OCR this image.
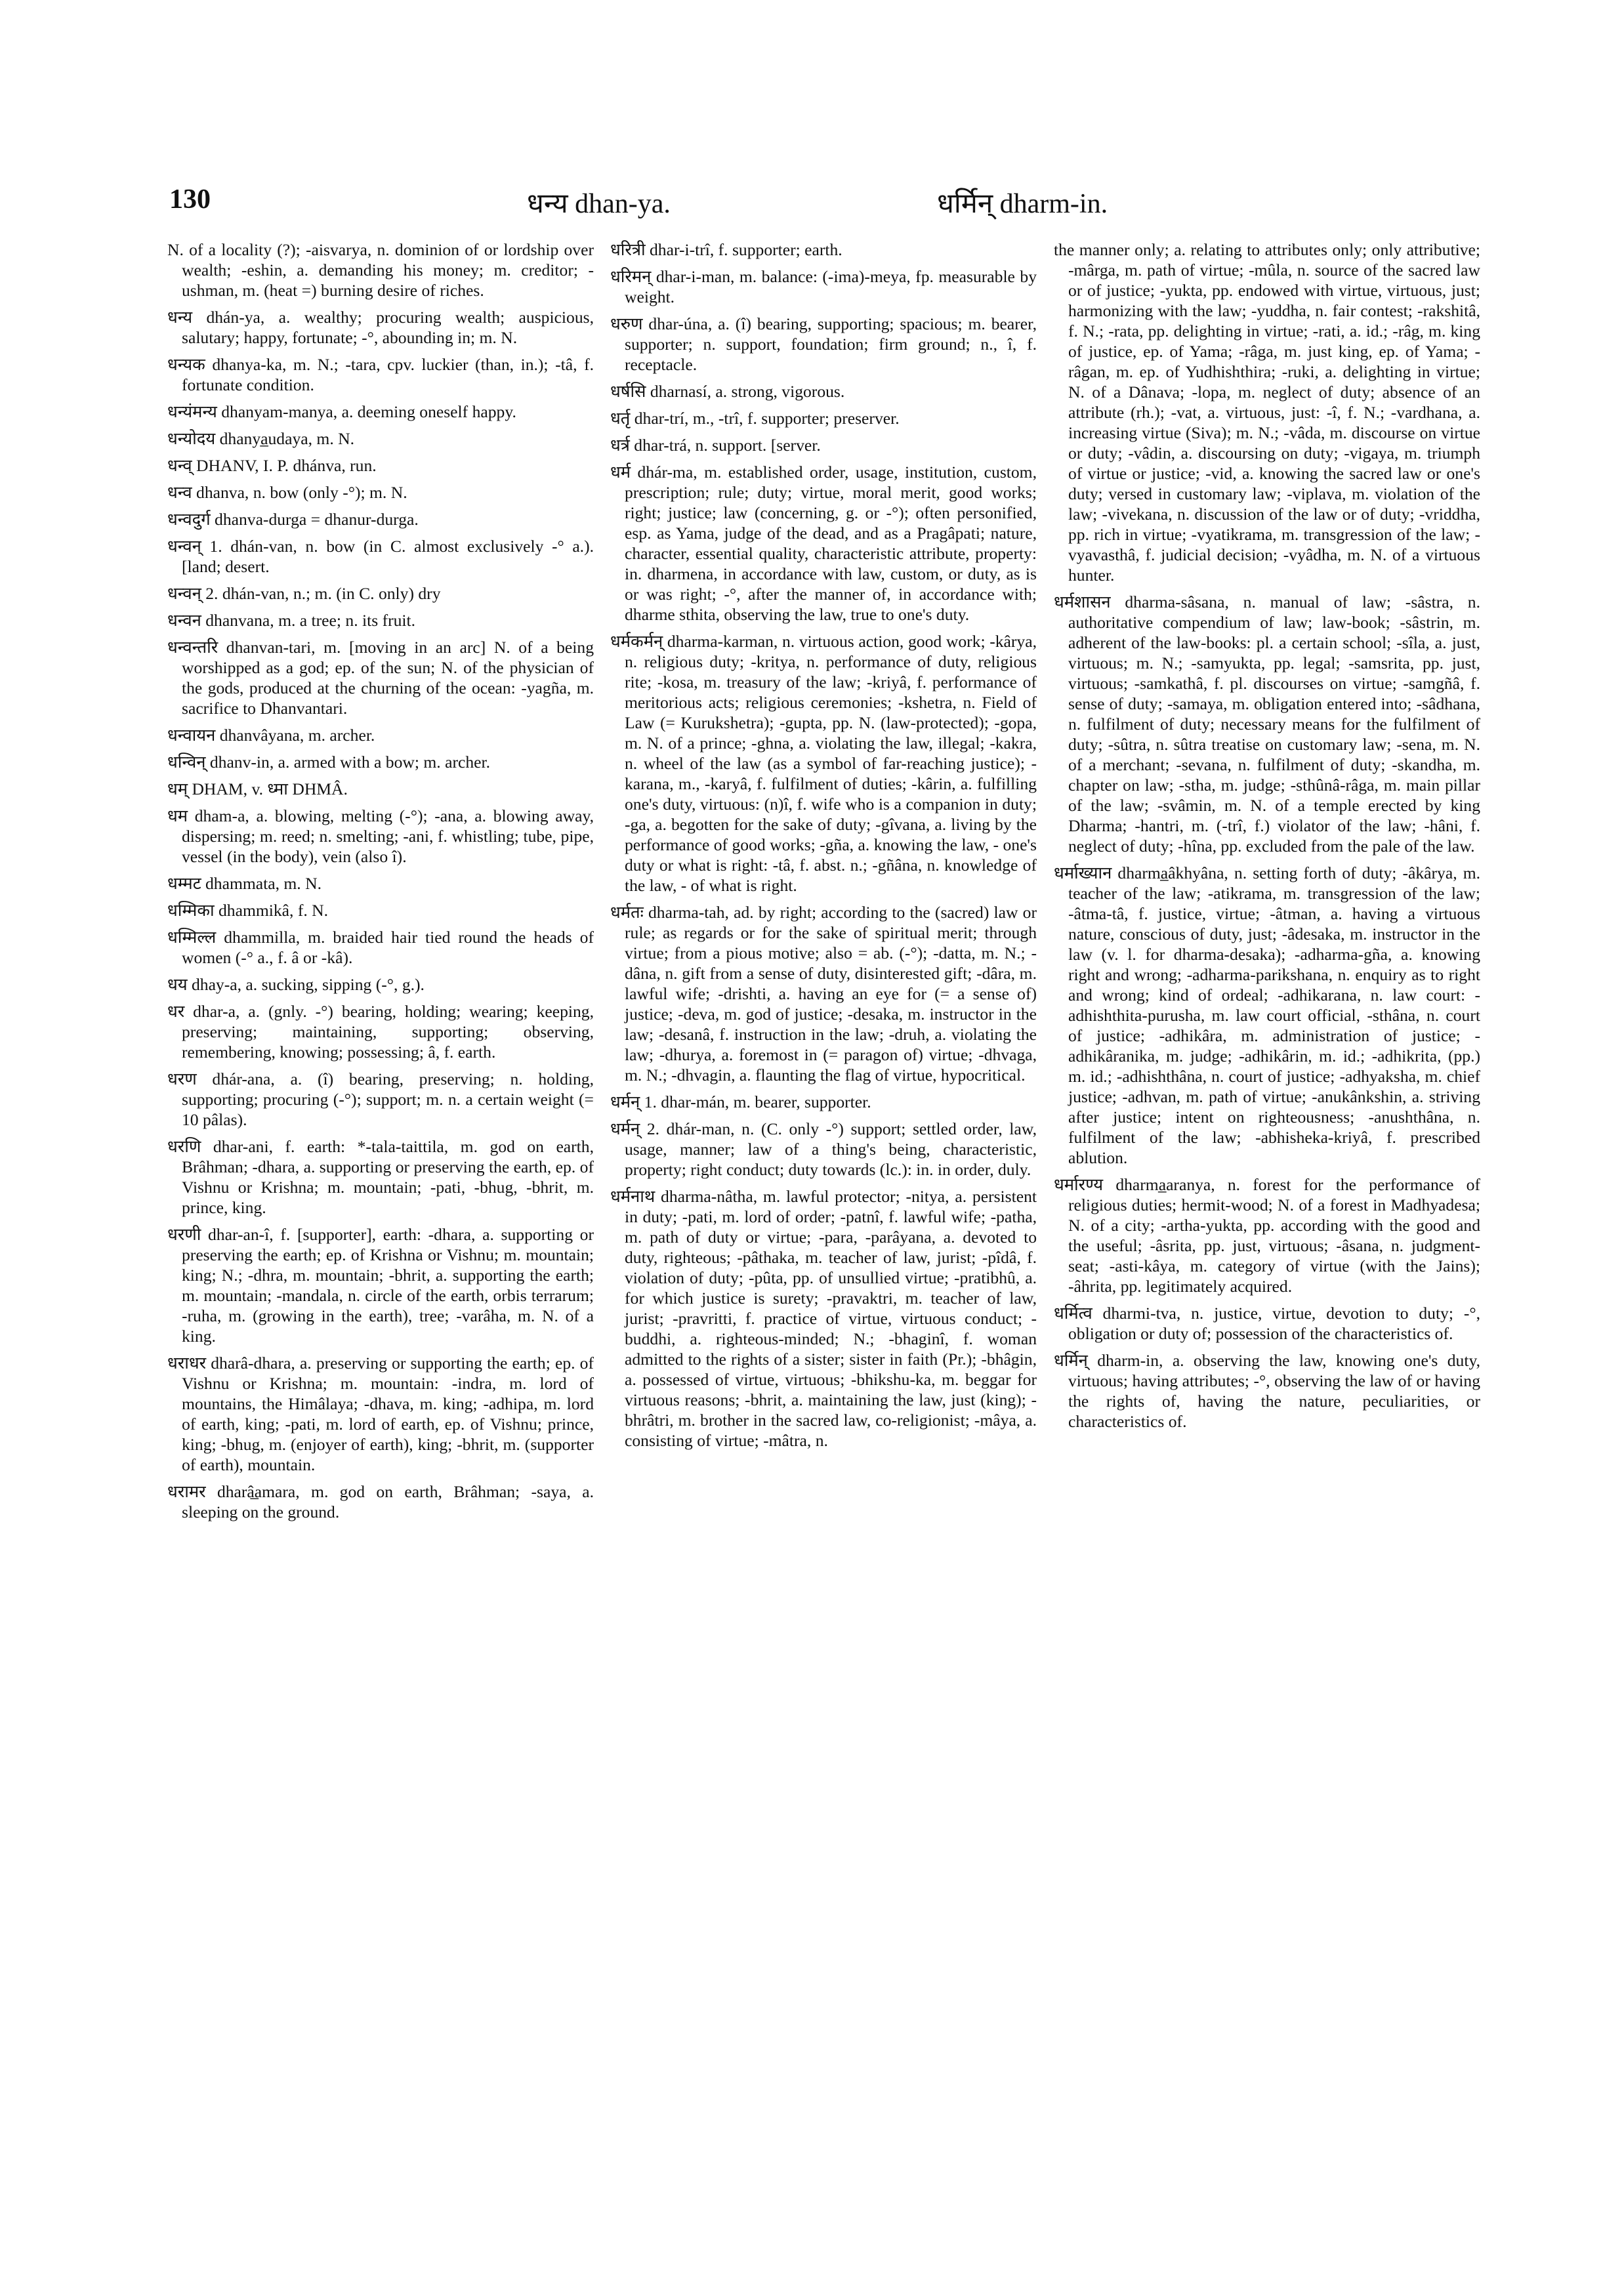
130	धन्य dhan-ya.	धर्मिन् dharm-in.

N. of a locality (?); -aisvarya, n. dominion of or lordship over wealth; -eshin, a. demanding his money; m. creditor; -ushman, m. (heat =) burning desire of riches.

धन्य dhán-ya, a. wealthy; procuring wealth; auspicious, salutary; happy, fortunate; -°, abounding in; m. N.

धन्यक dhanya-ka, m. N.; -tara, cpv. luckier (than, in.); -tâ, f. fortunate condition.

धन्यंमन्य dhanyam-manya, a. deeming oneself happy.

धन्योदय dhanya̲udaya, m. N.

धन्व् DHANV, I. P. dhánva, run.

धन्व dhanva, n. bow (only -°); m. N.

धन्वदुर्ग dhanva-durga = dhanur-durga.

धन्वन् 1. dhán-van, n. bow (in C. almost exclusively -° a.). [land; desert.

धन्वन् 2. dhán-van, n.; m. (in C. only) dry

धन्वन dhanvana, m. a tree; n. its fruit.

धन्वन्तरि dhanvan-tari, m. [moving in an arc] N. of a being worshipped as a god; ep. of the sun; N. of the physician of the gods, produced at the churning of the ocean: -yagña, m. sacrifice to Dhanvantari.

धन्वायन dhanvâyana, m. archer.

धन्विन् dhanv-in, a. armed with a bow; m. archer.

धम् DHAM, v. ध्मा DHMÂ.

धम dham-a, a. blowing, melting (-°); -ana, a. blowing away, dispersing; m. reed; n. smelting; -ani, f. whistling; tube, pipe, vessel (in the body), vein (also î).

धम्मट dhammata, m. N.

धम्मिका dhammikâ, f. N.

धम्मिल्ल dhammilla, m. braided hair tied round the heads of women (-° a., f. â or -kâ).

धय dhay-a, a. sucking, sipping (-°, g.).

धर dhar-a, a. (gnly. -°) bearing, holding; wearing; keeping, preserving; maintaining, supporting; observing, remembering, knowing; possessing; â, f. earth.

धरण dhár-ana, a. (î) bearing, preserving; n. holding, supporting; procuring (-°); support; m. n. a certain weight (= 10 pâlas).

धरणि dhar-ani, f. earth: *-tala-taittila, m. god on earth, Brâhman; -dhara, a. supporting or preserving the earth, ep. of Vishnu or Krishna; m. mountain; -pati, -bhug, -bhrit, m. prince, king.

धरणी dhar-an-î, f. [supporter], earth: -dhara, a. supporting or preserving the earth; ep. of Krishna or Vishnu; m. mountain; king; N.; -dhra, m. mountain; -bhrit, a. supporting the earth; m. mountain; -mandala, n. circle of the earth, orbis terrarum; -ruha, m. (growing in the earth), tree; -varâha, m. N. of a king.

धराधर dharâ-dhara, a. preserving or supporting the earth; ep. of Vishnu or Krishna; m. mountain: -indra, m. lord of mountains, the Himâlaya; -dhava, m. king; -adhipa, m. lord of earth, king; -pati, m. lord of earth, ep. of Vishnu; prince, king; -bhug, m. (enjoyer of earth), king; -bhrit, m. (supporter of earth), mountain.

धरामर dharâ̲amara, m. god on earth, Brâhman; -saya, a. sleeping on the ground.

धरित्री dhar-i-trî, f. supporter; earth.

धरिमन् dhar-i-man, m. balance: (-ima)-meya, fp. measurable by weight.

धरुण dhar-úna, a. (î) bearing, supporting; spacious; m. bearer, supporter; n. support, foundation; firm ground; n., î, f. receptacle.

धर्षसि dharnasí, a. strong, vigorous.

धर्तृ dhar-trí, m., -trî, f. supporter; preserver.

धर्त्र dhar-trá, n. support. [server.

धर्म dhár-ma, m. established order, usage, institution, custom, prescription; rule; duty; virtue, moral merit, good works; right; justice; law (concerning, g. or -°); often personified, esp. as Yama, judge of the dead, and as a Pragâpati; nature, character, essential quality, characteristic attribute, property: in. dharmena, in accordance with law, custom, or duty, as is or was right; -°, after the manner of, in accordance with; dharme sthita, observing the law, true to one's duty.

धर्मकर्मन् dharma-karman, n. virtuous action, good work; -kârya, n. religious duty; -kritya, n. performance of duty, religious rite; -kosa, m. treasury of the law; -kriyâ, f. performance of meritorious acts; religious ceremonies; -kshetra, n. Field of Law (= Kurukshetra); -gupta, pp. N. (law-protected); -gopa, m. N. of a prince; -ghna, a. violating the law, illegal; -kakra, n. wheel of the law (as a symbol of far-reaching justice); -karana, m., -karyâ, f. fulfilment of duties; -kârin, a. fulfilling one's duty, virtuous: (n)î, f. wife who is a companion in duty; -ga, a. begotten for the sake of duty; -gîvana, a. living by the performance of good works; -gña, a. knowing the law, - one's duty or what is right: -tâ, f. abst. n.; -gñâna, n. knowledge of the law, - of what is right.

धर्मतः dharma-tah, ad. by right; according to the (sacred) law or rule; as regards or for the sake of spiritual merit; through virtue; from a pious motive; also = ab. (-°); -datta, m. N.; -dâna, n. gift from a sense of duty, disinterested gift; -dâra, m. lawful wife; -drishti, a. having an eye for (= a sense of) justice; -deva, m. god of justice; -desaka, m. instructor in the law; -desanâ, f. instruction in the law; -druh, a. violating the law; -dhurya, a. foremost in (= paragon of) virtue; -dhvaga, m. N.; -dhvagin, a. flaunting the flag of virtue, hypocritical.

धर्मन् 1. dhar-mán, m. bearer, supporter.

धर्मन् 2. dhár-man, n. (C. only -°) support; settled order, law, usage, manner; law of a thing's being, characteristic, property; right conduct; duty towards (lc.): in. in order, duly.

धर्मनाथ dharma-nâtha, m. lawful protector; -nitya, a. persistent in duty; -pati, m. lord of order; -patnî, f. lawful wife; -patha, m. path of duty or virtue; -para, -parâyana, a. devoted to duty, righteous; -pâthaka, m. teacher of law, jurist; -pîdâ, f. violation of duty; -pûta, pp. of unsullied virtue; -pratibhû, a. for which justice is surety; -pravaktri, m. teacher of law, jurist; -pravritti, f. practice of virtue, virtuous conduct; -buddhi, a. righteous-minded; N.; -bhaginî, f. woman admitted to the rights of a sister; sister in faith (Pr.); -bhâgin, a. possessed of virtue, virtuous; -bhikshu-ka, m. beggar for virtuous reasons; -bhrit, a. maintaining the law, just (king); -bhrâtri, m. brother in the sacred law, co-religionist; -mâya, a. consisting of virtue; -mâtra, n.

the manner only; a. relating to attributes only; only attributive; -mârga, m. path of virtue; -mûla, n. source of the sacred law or of justice; -yukta, pp. endowed with virtue, virtuous, just; harmonizing with the law; -yuddha, n. fair contest; -rakshitâ, f. N.; -rata, pp. delighting in virtue; -rati, a. id.; -râg, m. king of justice, ep. of Yama; -râga, m. just king, ep. of Yama; -râgan, m. ep. of Yudhishthira; -ruki, a. delighting in virtue; N. of a Dânava; -lopa, m. neglect of duty; absence of an attribute (rh.); -vat, a. virtuous, just: -î, f. N.; -vardhana, a. increasing virtue (Siva); m. N.; -vâda, m. discourse on virtue or duty; -vâdin, a. discoursing on duty; -vigaya, m. triumph of virtue or justice; -vid, a. knowing the sacred law or one's duty; versed in customary law; -viplava, m. violation of the law; -vivekana, n. discussion of the law or of duty; -vriddha, pp. rich in virtue; -vyatikrama, m. transgression of the law; -vyavasthâ, f. judicial decision; -vyâdha, m. N. of a virtuous hunter.

धर्मशासन dharma-sâsana, n. manual of law; -sâstra, n. authoritative compendium of law; law-book; -sâstrin, m. adherent of the law-books: pl. a certain school; -sîla, a. just, virtuous; m. N.; -samyukta, pp. legal; -samsrita, pp. just, virtuous; -samkathâ, f. pl. discourses on virtue; -samgñâ, f. sense of duty; -samaya, m. obligation entered into; -sâdhana, n. fulfilment of duty; necessary means for the fulfilment of duty; -sûtra, n. sûtra treatise on customary law; -sena, m. N. of a merchant; -sevana, n. fulfilment of duty; -skandha, m. chapter on law; -stha, m. judge; -sthûnâ-râga, m. main pillar of the law; -svâmin, m. N. of a temple erected by king Dharma; -hantri, m. (-trî, f.) violator of the law; -hâni, f. neglect of duty; -hîna, pp. excluded from the pale of the law.

धर्माख्यान dharma̲âkhyâna, n. setting forth of duty; -âkârya, m. teacher of the law; -atikrama, m. transgression of the law; -âtma-tâ, f. justice, virtue; -âtman, a. having a virtuous nature, conscious of duty, just; -âdesaka, m. instructor in the law (v. l. for dharma-desaka); -adharma-gña, a. knowing right and wrong; -adharma-parikshana, n. enquiry as to right and wrong; kind of ordeal; -adhikarana, n. law court: -adhishthita-purusha, m. law court official, -sthâna, n. court of justice; -adhikâra, m. administration of justice; -adhikâranika, m. judge; -adhikârin, m. id.; -adhikrita, (pp.) m. id.; -adhishthâna, n. court of justice; -adhyaksha, m. chief justice; -adhvan, m. path of virtue; -anukânkshin, a. striving after justice; intent on righteousness; -anushthâna, n. fulfilment of the law; -abhisheka-kriyâ, f. prescribed ablution.

धर्मारण्य dharma̲aranya, n. forest for the performance of religious duties; hermit-wood; N. of a forest in Madhyadesa; N. of a city; -artha-yukta, pp. according with the good and the useful; -âsrita, pp. just, virtuous; -âsana, n. judgment-seat; -asti-kâya, m. category of virtue (with the Jains); -âhrita, pp. legitimately acquired.

धर्मित्व dharmi-tva, n. justice, virtue, devotion to duty; -°, obligation or duty of; possession of the characteristics of.

धर्मिन् dharm-in, a. observing the law, knowing one's duty, virtuous; having attributes; -°, observing the law of or having the rights of, having the nature, peculiarities, or characteristics of.
